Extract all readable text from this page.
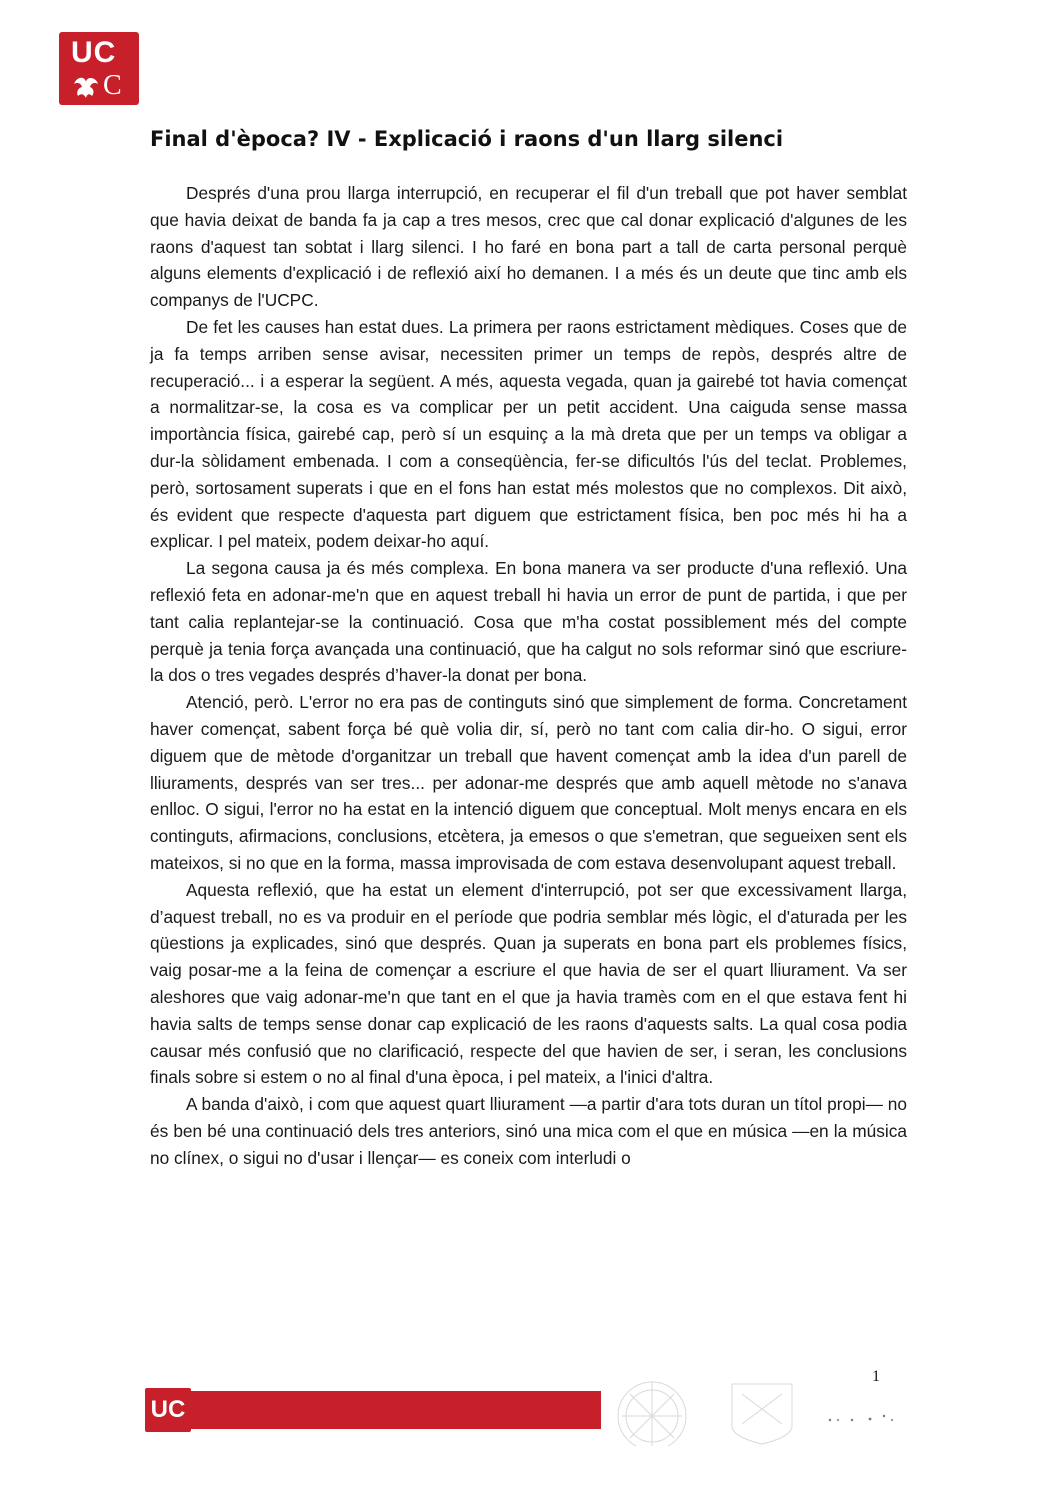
UC
C
Final d'època? IV - Explicació i raons d'un llarg silenci

Després d'una prou llarga interrupció, en recuperar el fil d'un treball que pot haver semblat que havia deixat de banda fa ja cap a tres mesos, crec que cal donar explicació d'algunes de les raons d'aquest tan sobtat i llarg silenci. I ho faré en bona part a tall de carta personal perquè alguns elements d'explicació i de reflexió així ho demanen. I a més és un deute que tinc amb els companys de l'UCPC.

De fet les causes han estat dues. La primera per raons estrictament mèdiques. Coses que de ja fa temps arriben sense avisar, necessiten primer un temps de repòs, després altre de recuperació... i a esperar la següent. A més, aquesta vegada, quan ja gairebé tot havia començat a normalitzar-se, la cosa es va complicar per un petit accident. Una caiguda sense massa importància física, gairebé cap, però sí un esquinç a la mà dreta que per un temps va obligar a dur-la sòlidament embenada. I com a conseqüència, fer-se dificultós l'ús del teclat. Problemes, però, sortosament superats i que en el fons han estat més molestos que no complexos. Dit això, és evident que respecte d'aquesta part diguem que estrictament física, ben poc més hi ha a explicar. I pel mateix, podem deixar-ho aquí.

La segona causa ja és més complexa. En bona manera va ser producte d'una reflexió. Una reflexió feta en adonar-me'n que en aquest treball hi havia un error de punt de partida, i que per tant calia replantejar-se la continuació. Cosa que m'ha costat possiblement més del compte perquè ja tenia força avançada una continuació, que ha calgut no sols reformar sinó que escriure-la dos o tres vegades després d’haver-la donat per bona.

Atenció, però. L'error no era pas de continguts sinó que simplement de forma. Concretament haver començat, sabent força bé què volia dir, sí, però no tant com calia dir-ho. O sigui, error diguem que de mètode d'organitzar un treball que havent començat amb la idea d'un parell de lliuraments, després van ser tres... per adonar-me després que amb aquell mètode no s'anava enlloc. O sigui, l'error no ha estat en la intenció diguem que conceptual. Molt menys encara en els continguts, afirmacions, conclusions, etcètera, ja emesos o que s'emetran, que segueixen sent els mateixos, si no que en la forma, massa improvisada de com estava desenvolupant aquest treball.

Aquesta reflexió, que ha estat un element d'interrupció, pot ser que excessivament llarga, d’aquest treball, no es va produir en el període que podria semblar més lògic, el d'aturada per les qüestions ja explicades, sinó que després. Quan ja superats en bona part els problemes físics, vaig posar-me a la feina de començar a escriure el que havia de ser el quart lliurament. Va ser aleshores que vaig adonar-me'n que tant en el que ja havia tramès com en el que estava fent hi havia salts de temps sense donar cap explicació de les raons d'aquests salts. La qual cosa podia causar més confusió que no clarificació, respecte del que havien de ser, i seran, les conclusions finals sobre si estem o no al final d'una època, i pel mateix, a l'inici d'altra.

A banda d'això, i com que aquest quart lliurament —a partir d'ara tots duran un títol propi— no és ben bé una continuació dels tres anteriors, sinó una mica com el que en música —en la música no clínex, o sigui no d'usar i llençar— es coneix com interludi o

UC
1
